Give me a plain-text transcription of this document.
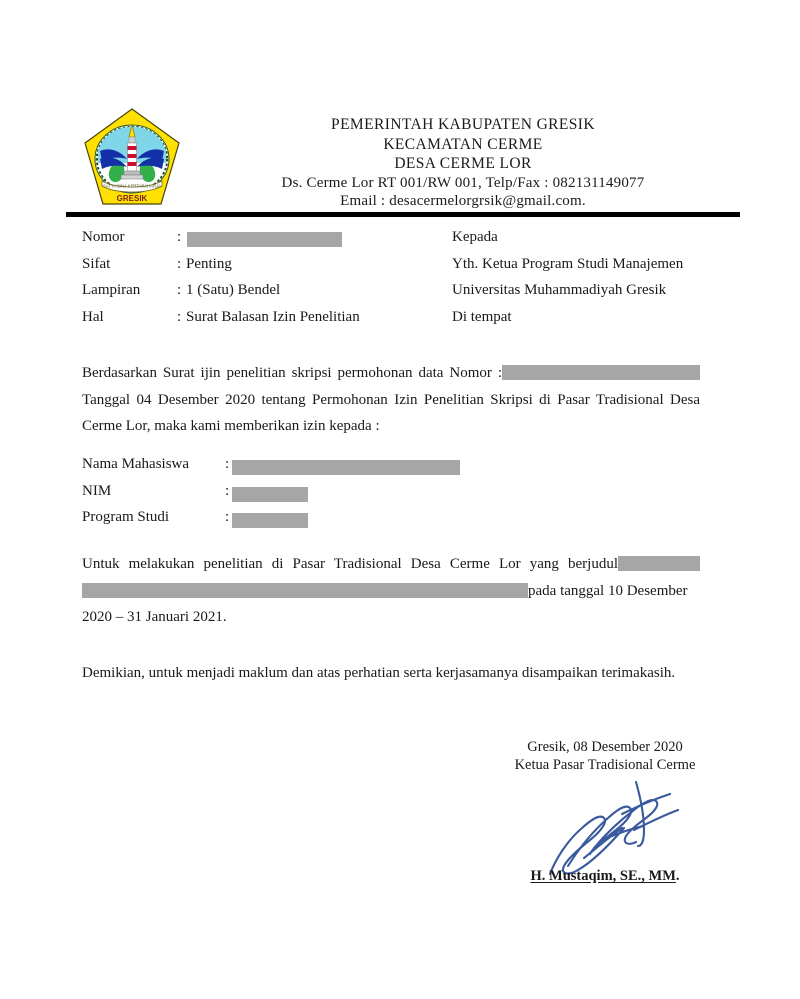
SATYA BINA KERTARAHARJA
GRESIK
PEMERINTAH KABUPATEN GRESIK
KECAMATAN CERME
DESA CERME LOR
Ds. Cerme Lor RT 001/RW 001, Telp/Fax : 082131149077
Email : desacermelorgrsik@gmail.com.
Nomor	:	Kepada
Sifat	: Penting	Yth. Ketua Program Studi Manajemen
Lampiran	: 1 (Satu) Bendel	Universitas Muhammadiyah Gresik
Hal	: Surat Balasan Izin Penelitian	Di tempat
Berdasarkan Surat ijin penelitian skripsi permohonan data Nomor :
Tanggal 04 Desember 2020 tentang Permohonan Izin Penelitian Skripsi di Pasar Tradisional Desa
Cerme Lor, maka kami memberikan izin kepada :
Nama Mahasiswa :
NIM	:
Program Studi	:
Untuk melakukan penelitian di Pasar Tradisional Desa Cerme Lor yang berjudul
pada tanggal 10 Desember
2020 – 31 Januari 2021.
Demikian, untuk menjadi maklum dan atas perhatian serta kerjasamanya disampaikan terimakasih.
Gresik, 08 Desember 2020
Ketua Pasar Tradisional Cerme
H. Mustaqim, SE., MM.
